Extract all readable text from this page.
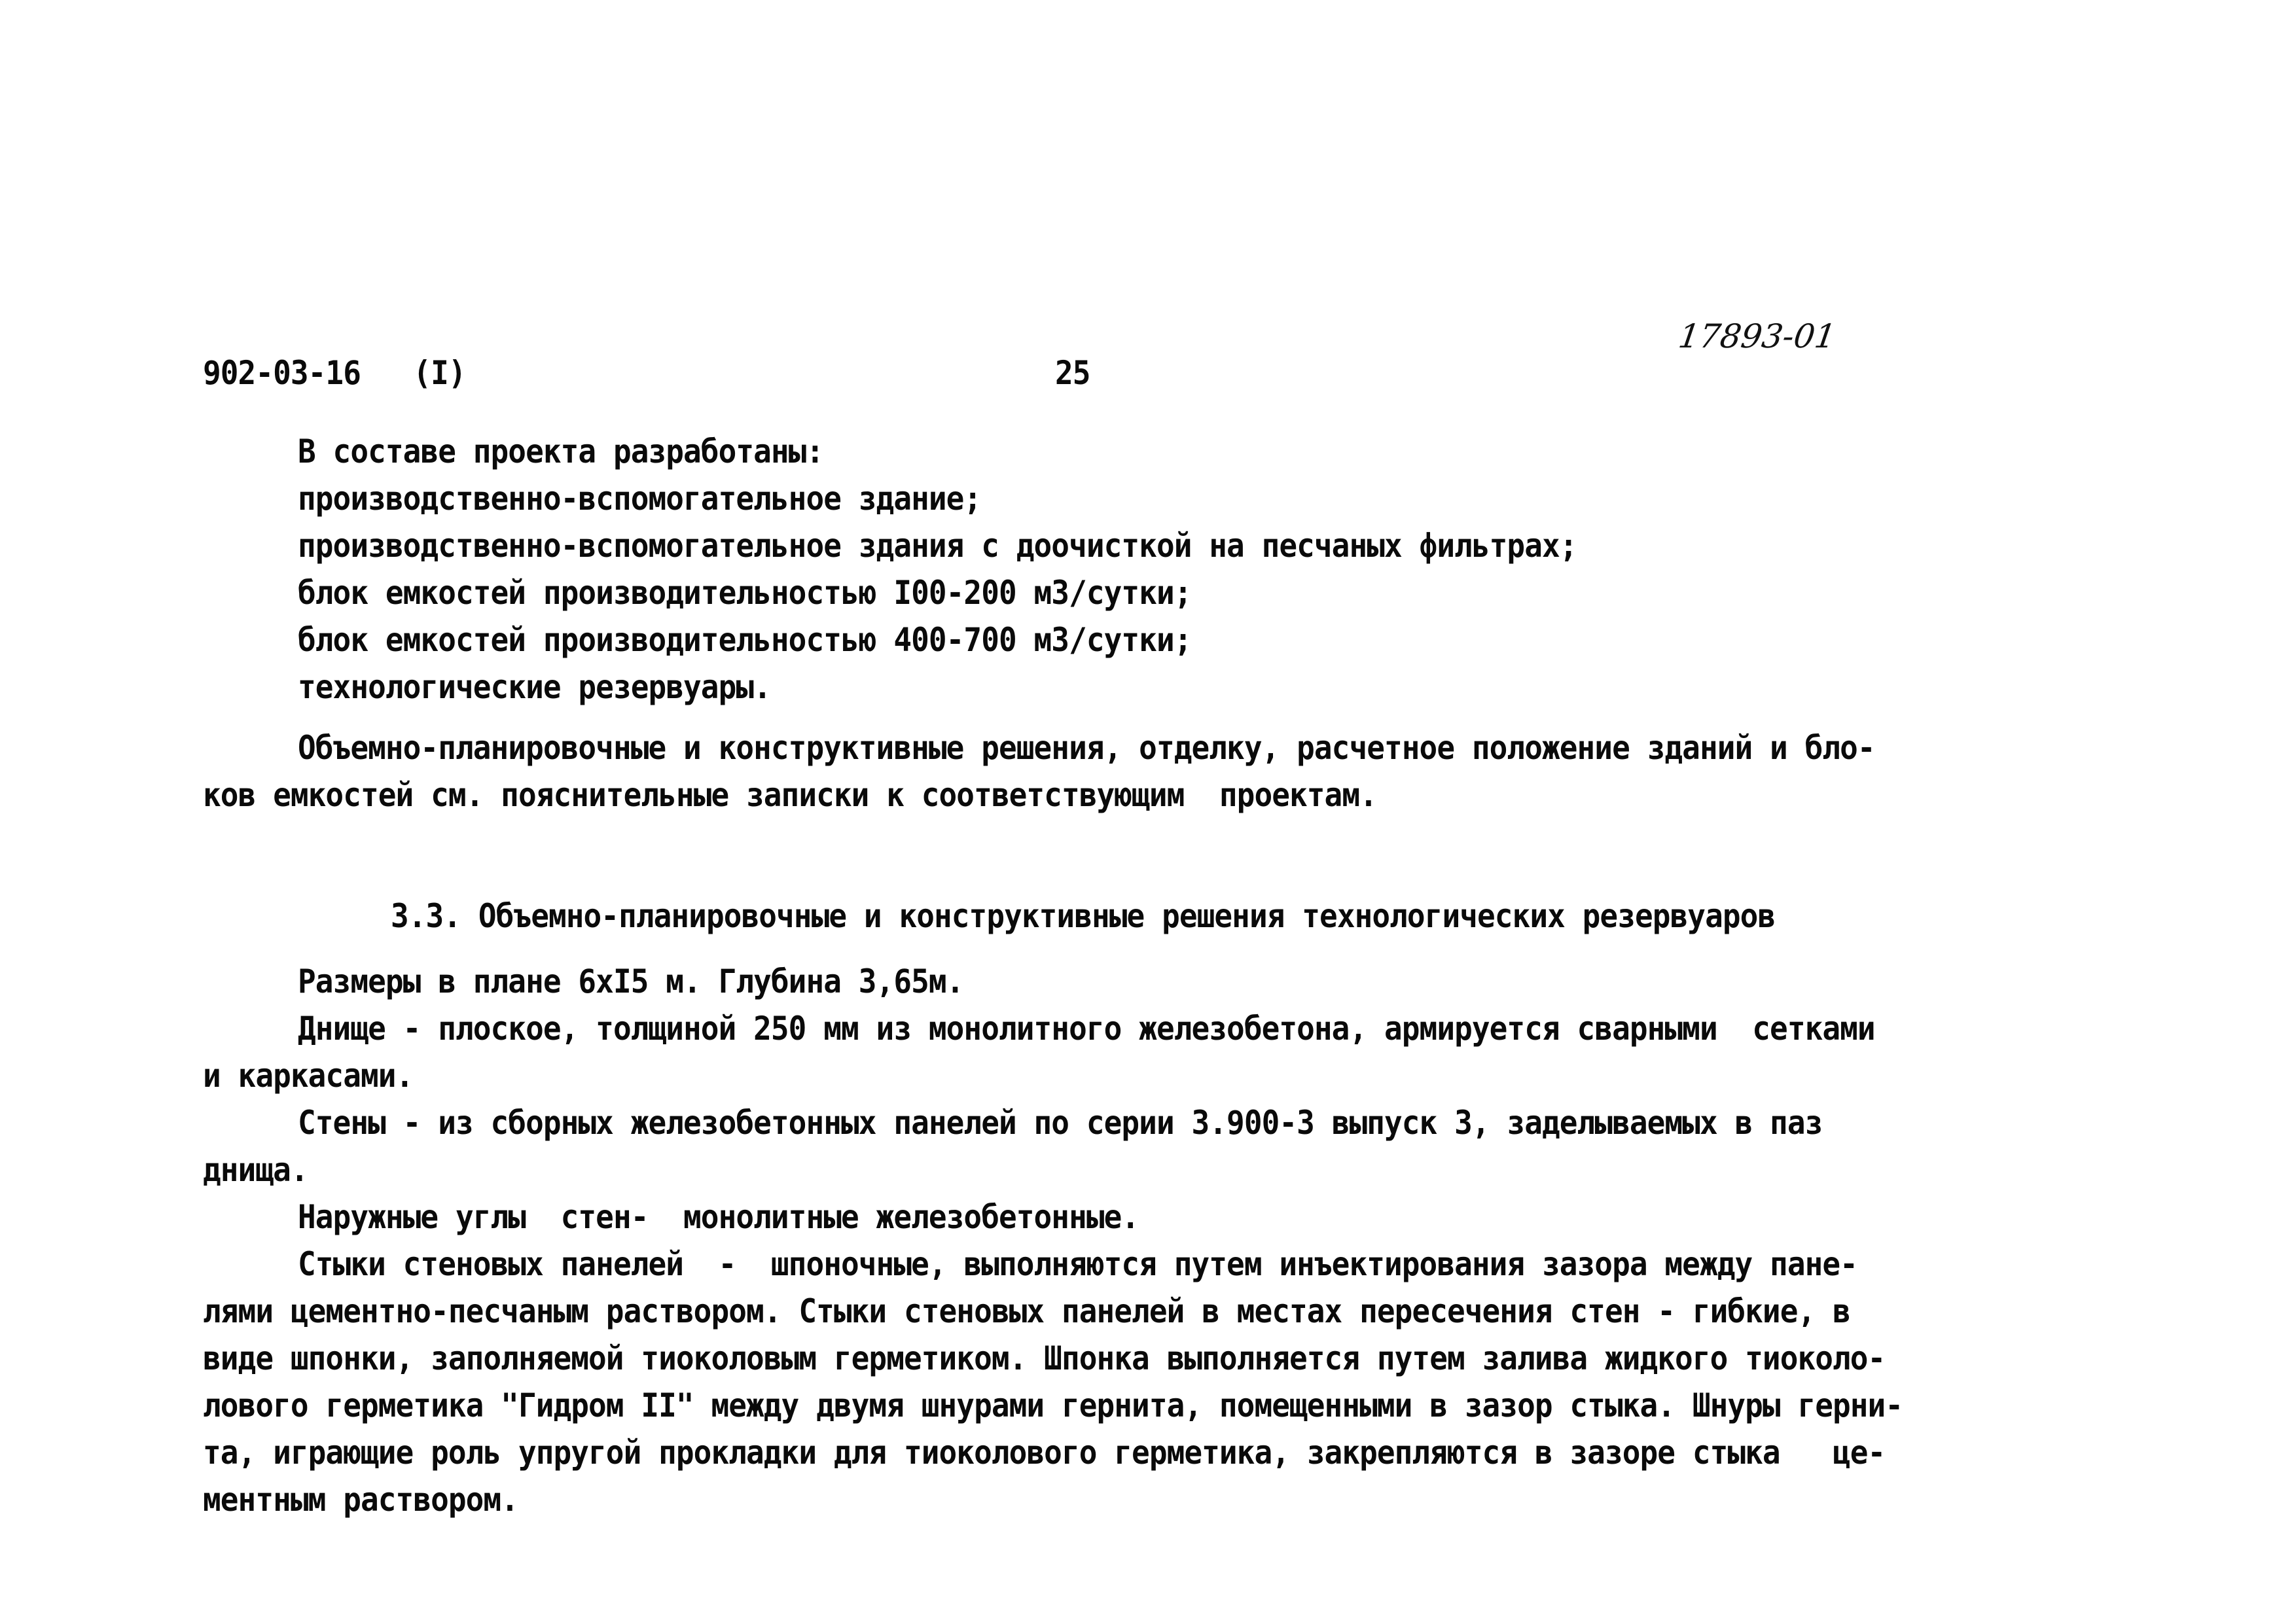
902-03-16   (I)	25
17893-01
В составе проекта разработаны:
производственно-вспомогательное здание;
производственно-вспомогательное здания с доочисткой на песчаных фильтрах;
блок емкостей производительностью I00-200 м3/сутки;
блок емкостей производительностью 400-700 м3/сутки;
технологические резервуары.
Объемно-планировочные и конструктивные решения, отделку, расчетное положение зданий и бло-
ков емкостей см. пояснительные записки к соответствующим  проектам.
3.3. Объемно-планировочные и конструктивные решения технологических резервуаров
Размеры в плане 6хI5 м. Глубина 3,65м.
Днище - плоское, толщиной 250 мм из монолитного железобетона, армируется сварными  сетками
и каркасами.
Стены - из сборных железобетонных панелей по серии 3.900-3 выпуск 3, заделываемых в паз
днища.
Наружные углы  стен-  монолитные железобетонные.
Стыки стеновых панелей  -  шпоночные, выполняются путем инъектирования зазора между пане-
лями цементно-песчаным раствором. Стыки стеновых панелей в местах пересечения стен - гибкие, в
виде шпонки, заполняемой тиоколовым герметиком. Шпонка выполняется путем залива жидкого тиоколо-
лового герметика "Гидром II" между двумя шнурами гернита, помещенными в зазор стыка. Шнуры герни-
та, играющие роль упругой прокладки для тиоколового герметика, закрепляются в зазоре стыка   це-
ментным раствором.
